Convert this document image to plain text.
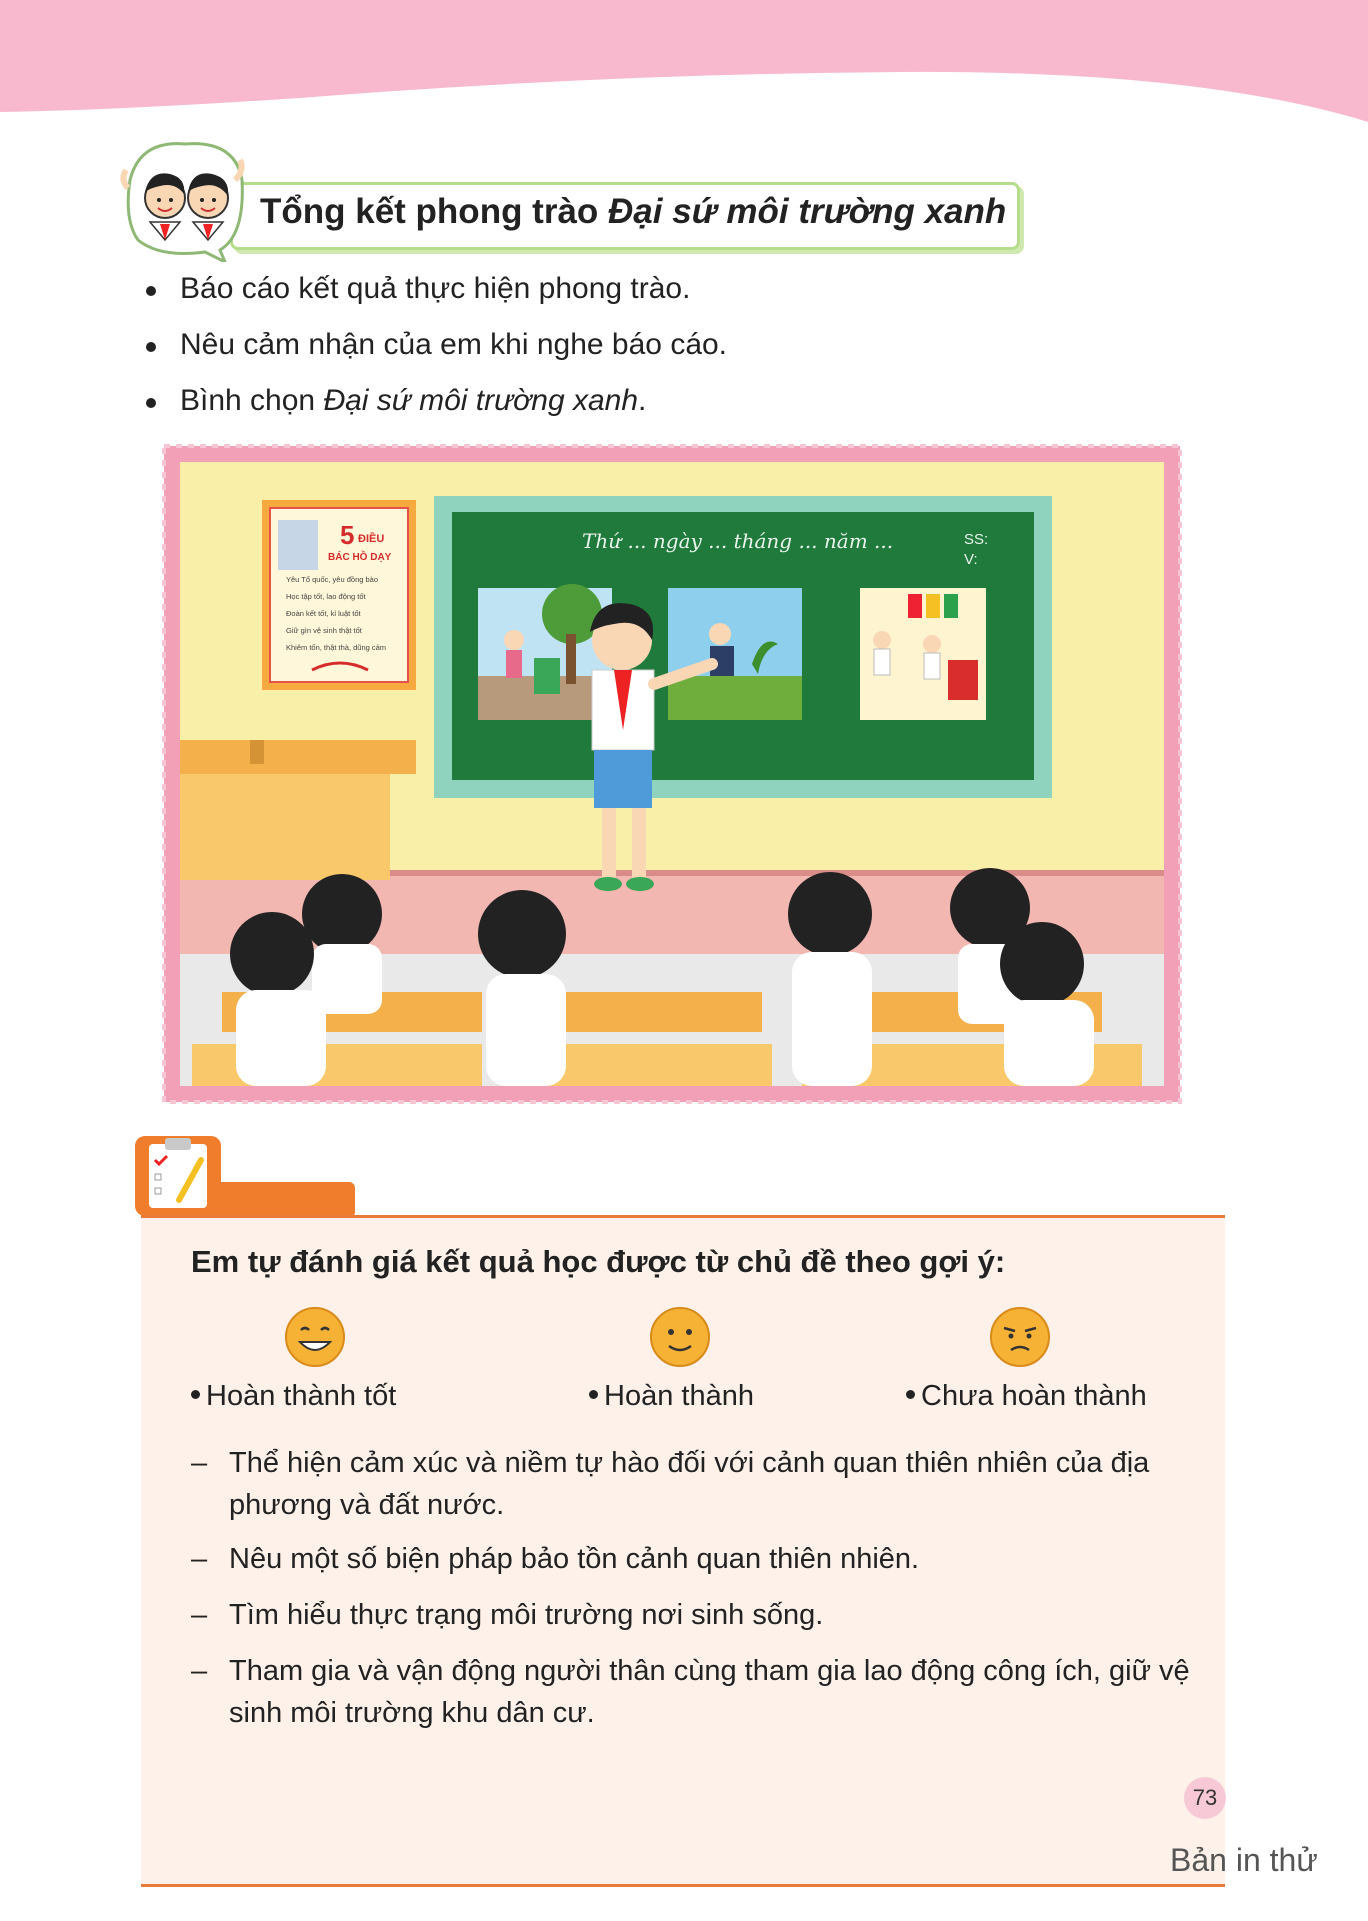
Tổng kết phong trào Đại sứ môi trường xanh
Báo cáo kết quả thực hiện phong trào.
Nêu cảm nhận của em khi nghe báo cáo.
Bình chọn Đại sứ môi trường xanh.
5 ĐIỀU
BÁC HỒ DẠY
Yêu Tổ quốc, yêu đồng bào
Học tập tốt, lao động tốt
Đoàn kết tốt, kỉ luật tốt
Giữ gìn vệ sinh thật tốt
Khiêm tốn, thật thà, dũng cảm
Thứ ... ngày ... tháng ... năm ...	SS:
V:
Em tự đánh giá kết quả học được từ chủ đề theo gợi ý:
Hoàn thành tốt	Hoàn thành	Chưa hoàn thành
– Thể hiện cảm xúc và niềm tự hào đối với cảnh quan thiên nhiên của địa phương và đất nước.
– Nêu một số biện pháp bảo tồn cảnh quan thiên nhiên.
– Tìm hiểu thực trạng môi trường nơi sinh sống.
– Tham gia và vận động người thân cùng tham gia lao động công ích, giữ vệ sinh môi trường khu dân cư.
73
Bản in thử
